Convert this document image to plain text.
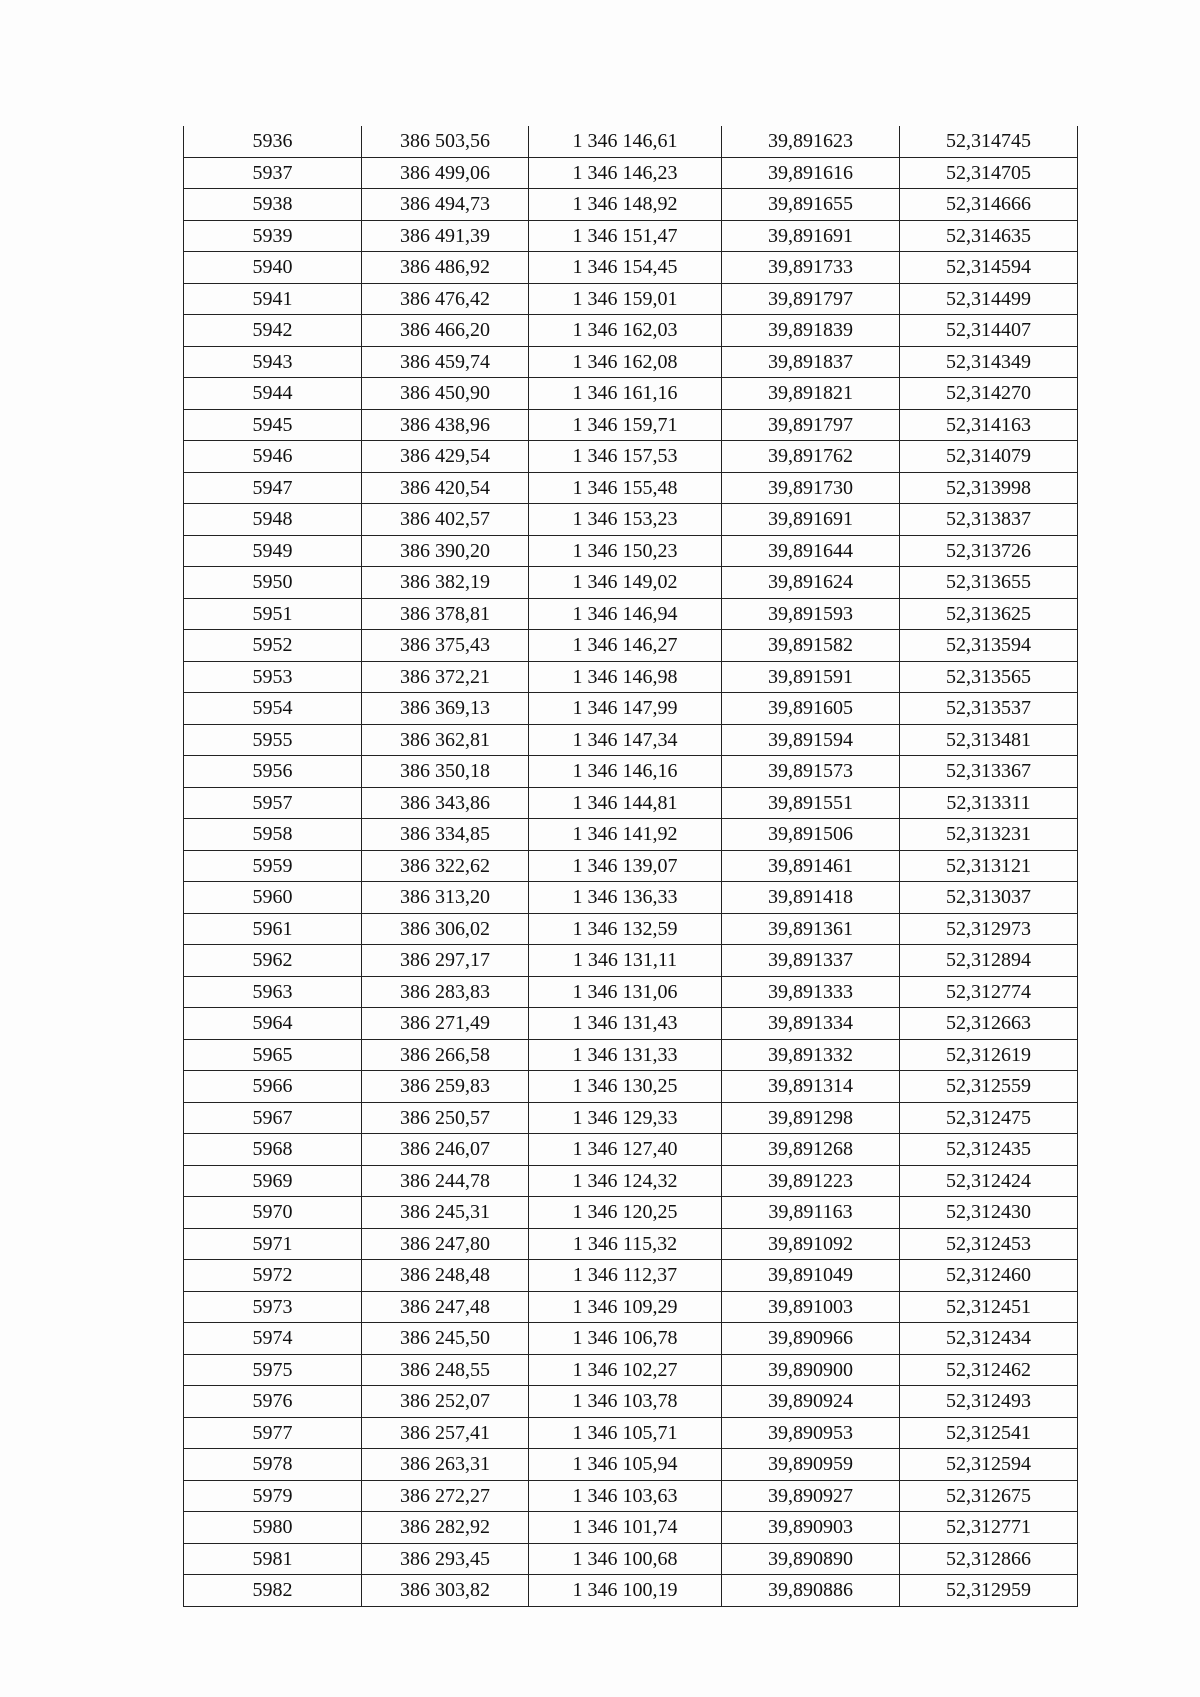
5936	386 503,56	1 346 146,61	39,891623	52,314745
5937	386 499,06	1 346 146,23	39,891616	52,314705
5938	386 494,73	1 346 148,92	39,891655	52,314666
5939	386 491,39	1 346 151,47	39,891691	52,314635
5940	386 486,92	1 346 154,45	39,891733	52,314594
5941	386 476,42	1 346 159,01	39,891797	52,314499
5942	386 466,20	1 346 162,03	39,891839	52,314407
5943	386 459,74	1 346 162,08	39,891837	52,314349
5944	386 450,90	1 346 161,16	39,891821	52,314270
5945	386 438,96	1 346 159,71	39,891797	52,314163
5946	386 429,54	1 346 157,53	39,891762	52,314079
5947	386 420,54	1 346 155,48	39,891730	52,313998
5948	386 402,57	1 346 153,23	39,891691	52,313837
5949	386 390,20	1 346 150,23	39,891644	52,313726
5950	386 382,19	1 346 149,02	39,891624	52,313655
5951	386 378,81	1 346 146,94	39,891593	52,313625
5952	386 375,43	1 346 146,27	39,891582	52,313594
5953	386 372,21	1 346 146,98	39,891591	52,313565
5954	386 369,13	1 346 147,99	39,891605	52,313537
5955	386 362,81	1 346 147,34	39,891594	52,313481
5956	386 350,18	1 346 146,16	39,891573	52,313367
5957	386 343,86	1 346 144,81	39,891551	52,313311
5958	386 334,85	1 346 141,92	39,891506	52,313231
5959	386 322,62	1 346 139,07	39,891461	52,313121
5960	386 313,20	1 346 136,33	39,891418	52,313037
5961	386 306,02	1 346 132,59	39,891361	52,312973
5962	386 297,17	1 346 131,11	39,891337	52,312894
5963	386 283,83	1 346 131,06	39,891333	52,312774
5964	386 271,49	1 346 131,43	39,891334	52,312663
5965	386 266,58	1 346 131,33	39,891332	52,312619
5966	386 259,83	1 346 130,25	39,891314	52,312559
5967	386 250,57	1 346 129,33	39,891298	52,312475
5968	386 246,07	1 346 127,40	39,891268	52,312435
5969	386 244,78	1 346 124,32	39,891223	52,312424
5970	386 245,31	1 346 120,25	39,891163	52,312430
5971	386 247,80	1 346 115,32	39,891092	52,312453
5972	386 248,48	1 346 112,37	39,891049	52,312460
5973	386 247,48	1 346 109,29	39,891003	52,312451
5974	386 245,50	1 346 106,78	39,890966	52,312434
5975	386 248,55	1 346 102,27	39,890900	52,312462
5976	386 252,07	1 346 103,78	39,890924	52,312493
5977	386 257,41	1 346 105,71	39,890953	52,312541
5978	386 263,31	1 346 105,94	39,890959	52,312594
5979	386 272,27	1 346 103,63	39,890927	52,312675
5980	386 282,92	1 346 101,74	39,890903	52,312771
5981	386 293,45	1 346 100,68	39,890890	52,312866
5982	386 303,82	1 346 100,19	39,890886	52,312959
